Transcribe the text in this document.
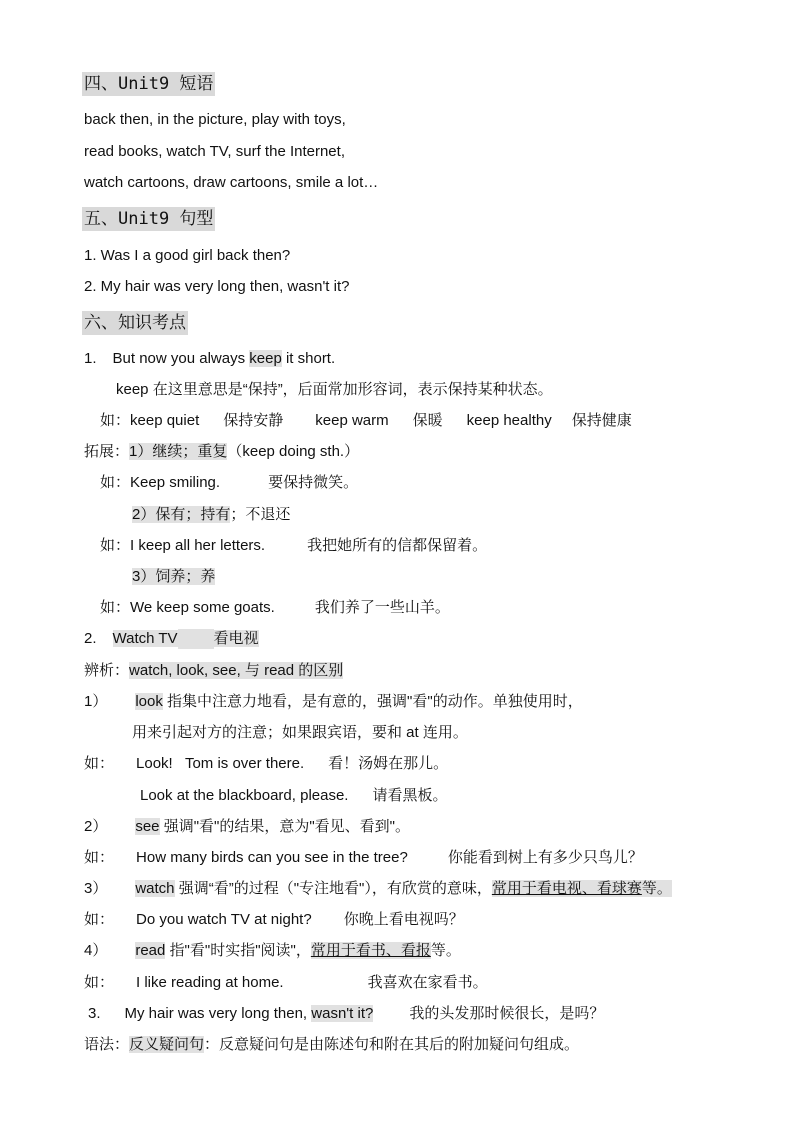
四、Unit9 短语
back then, in the picture, play with toys,
read books, watch TV, surf the Internet,
watch cartoons, draw cartoons, smile a lot…
五、Unit9 句型
1. Was I a good girl back then?
2. My hair was very long then, wasn't it?
六、知识考点
1. But now you always keep it short.
keep 在这里意思是“保持”，后面常加形容词，表示保持某种状态。
如：keep quiet 保持安静 keep warm 保暖 keep healthy 保持健康
拓展：1）继续；重复（keep doing sth.）
如：Keep smiling.	要保持微笑。
2）保有；持有；不退还
如：I keep all her letters.	我把她所有的信都保留着。
3）饲养；养
如：We keep some goats.	我们养了一些山羊。
2. Watch TV 看电视
辨析：watch, look, see, 与 read 的区别
1） look 指集中注意力地看，是有意的，强调"看"的动作。单独使用时，
用来引起对方的注意；如果跟宾语，要和 at 连用。
如： Look!   Tom is over there. 看！汤姆在那儿。
Look at the blackboard, please. 请看黑板。
2） see 强调"看"的结果，意为"看见、看到"。
如： How many birds can you see in the tree?	你能看到树上有多少只鸟儿？
3） watch 强调“看”的过程（"专注地看"），有欣赏的意味，常用于看电视、看球赛等。
如： Do you watch TV at night? 你晚上看电视吗？
4） read 指"看"时实指"阅读"，常用于看书、看报等。
如： I like reading at home.	我喜欢在家看书。
3. My hair was very long then, wasn't it? 我的头发那时候很长，是吗？
语法：反义疑问句：反意疑问句是由陈述句和附在其后的附加疑问句组成。
